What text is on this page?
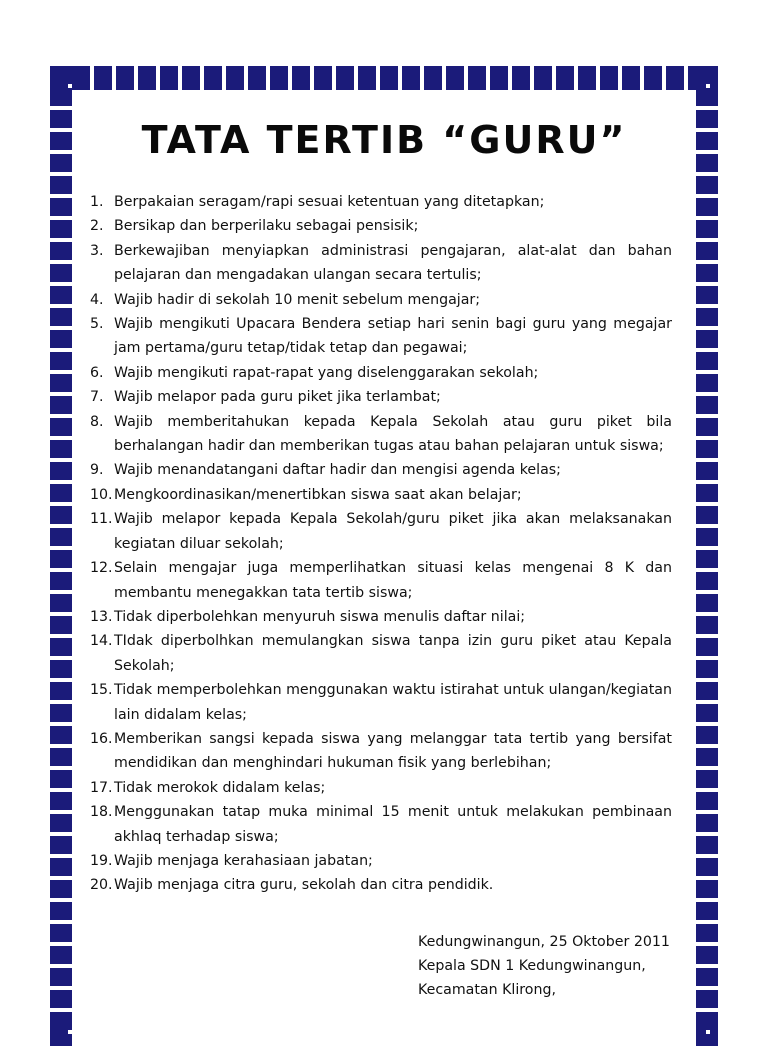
TATA TERTIB “GURU”
1. Berpakaian seragam/rapi sesuai ketentuan yang ditetapkan;
2. Bersikap dan berperilaku sebagai pensisik;
3. Berkewajiban menyiapkan administrasi pengajaran, alat-alat dan bahan pelajaran dan mengadakan ulangan secara tertulis;
4. Wajib hadir di sekolah 10 menit sebelum mengajar;
5. Wajib mengikuti Upacara Bendera setiap hari senin bagi guru yang megajar jam pertama/guru tetap/tidak tetap dan pegawai;
6. Wajib mengikuti rapat-rapat yang diselenggarakan sekolah;
7. Wajib melapor pada guru piket jika terlambat;
8. Wajib memberitahukan kepada Kepala Sekolah atau guru piket bila berhalangan hadir dan memberikan tugas atau bahan pelajaran untuk siswa;
9. Wajib menandatangani daftar hadir dan mengisi agenda kelas;
10. Mengkoordinasikan/menertibkan siswa saat akan belajar;
11. Wajib melapor kepada Kepala Sekolah/guru piket jika akan melaksanakan kegiatan diluar sekolah;
12. Selain mengajar juga memperlihatkan situasi kelas mengenai 8 K dan membantu menegakkan tata tertib siswa;
13. Tidak diperbolehkan menyuruh siswa menulis daftar nilai;
14. TIdak diperbolhkan memulangkan siswa tanpa izin guru piket atau Kepala Sekolah;
15. Tidak memperbolehkan menggunakan waktu istirahat untuk ulangan/kegiatan lain didalam kelas;
16. Memberikan sangsi kepada siswa yang melanggar tata tertib yang bersifat mendidikan dan menghindari hukuman fisik yang berlebihan;
17. Tidak merokok didalam kelas;
18. Menggunakan tatap muka minimal 15 menit untuk melakukan pembinaan akhlaq terhadap siswa;
19. Wajib menjaga kerahasiaan jabatan;
20. Wajib menjaga citra guru, sekolah dan citra pendidik.
Kedungwinangun, 25 Oktober 2011
Kepala SDN 1 Kedungwinangun,
Kecamatan Klirong,
